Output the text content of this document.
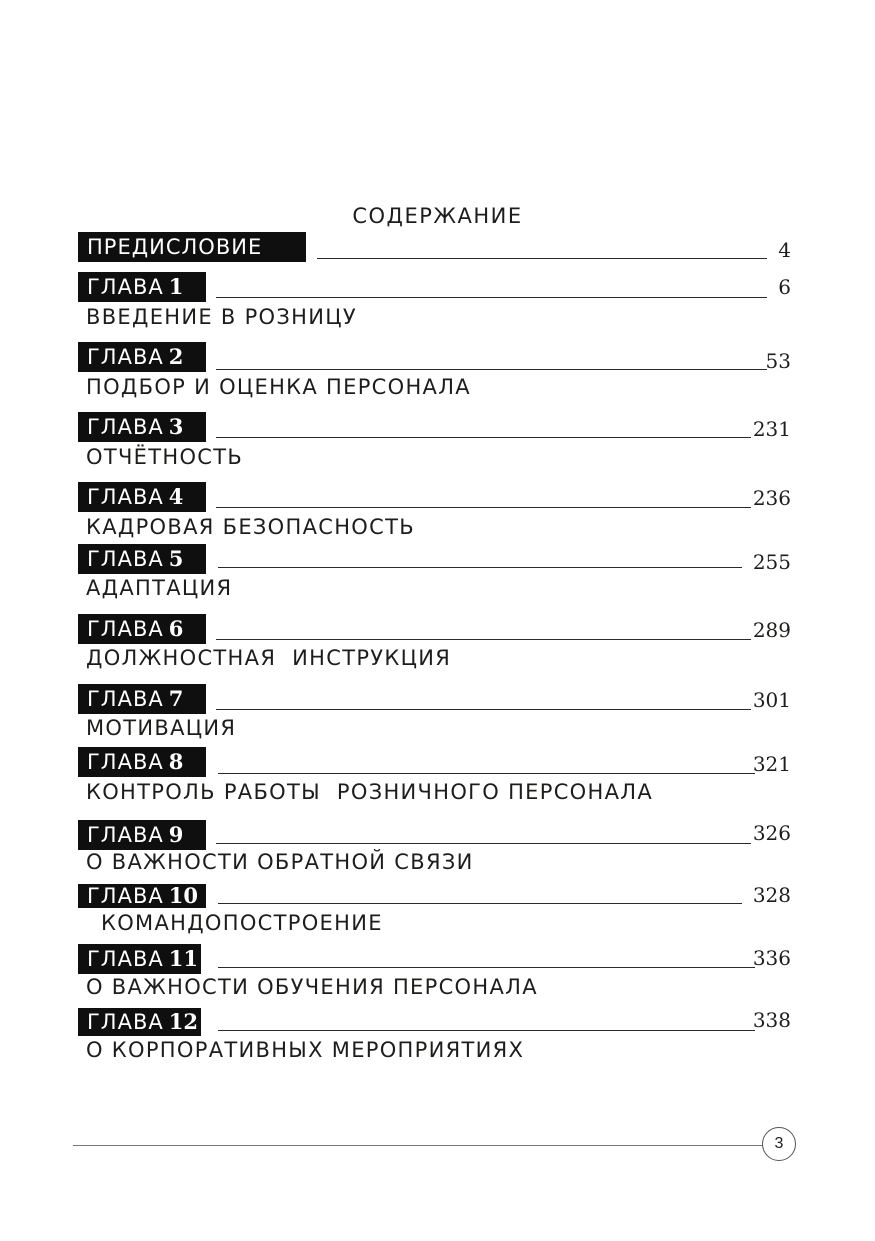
СОДЕРЖАНИЕ
ПРЕДИСЛОВИЕ	4
ГЛАВА 1	6
ВВЕДЕНИЕ В РОЗНИЦУ
ГЛАВА 2	53
ПОДБОР И ОЦЕНКА ПЕРСОНАЛА
ГЛАВА 3	231
ОТЧЁТНОСТЬ
ГЛАВА 4	236
КАДРОВАЯ БЕЗОПАСНОСТЬ
ГЛАВА 5	255
АДАПТАЦИЯ
ГЛАВА 6	289
ДОЛЖНОСТНАЯ  ИНСТРУКЦИЯ
ГЛАВА 7	301
МОТИВАЦИЯ
ГЛАВА 8	321
КОНТРОЛЬ РАБОТЫ  РОЗНИЧНОГО ПЕРСОНАЛА
ГЛАВА 9	326
О ВАЖНОСТИ ОБРАТНОЙ СВЯЗИ
ГЛАВА 10	328
КОМАНДОПОСТРОЕНИЕ
ГЛАВА 11	336
О ВАЖНОСТИ ОБУЧЕНИЯ ПЕРСОНАЛА
ГЛАВА 12	338
О КОРПОРАТИВНЫХ МЕРОПРИЯТИЯХ
3
